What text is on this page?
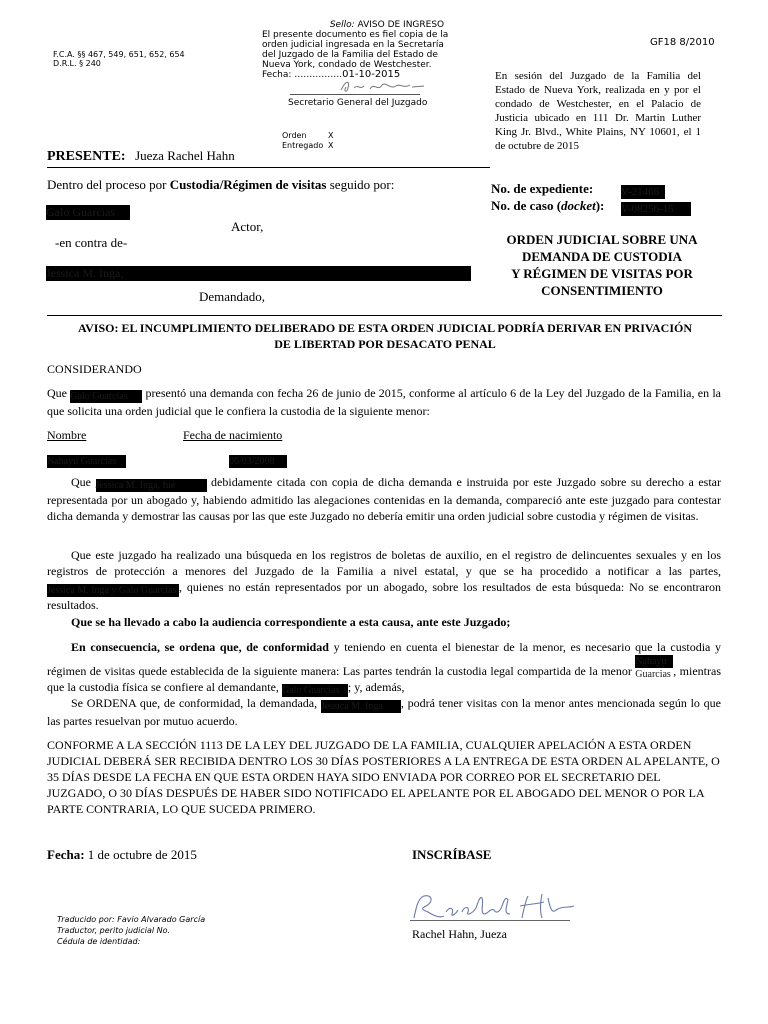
F.C.A. §§ 467, 549, 651, 652, 654
D.R.L. § 240
GF18 8/2010
Sello: AVISO DE INGRESO
El presente documento es fiel copia de la
orden judicial ingresada en la Secretaría
del Juzgado de la Familia del Estado de
Nueva York, condado de Westchester.
Fecha: …………….01-10-2015
Secretario General del Juzgado
Orden	X
Entregado X
En sesión del Juzgado de la Familia del Estado de Nueva York, realizada en y por el condado de Westchester, en el Palacio de Justicia ubicado en 111 Dr. Martin Luther King Jr. Blvd., White Plains, NY 10601, el 1 de octubre de 2015
PRESENTE: Jueza Rachel Hahn
Dentro del proceso por Custodia/Régimen de visitas seguido por:
Galo Guarcias
Actor,
-en contra de-
Jessica M. Inga,
Demandado,
No. de expediente:	V-21466
No. de caso (docket): V-08256-15
ORDEN JUDICIAL SOBRE UNA
DEMANDA DE CUSTODIA
Y RÉGIMEN DE VISITAS POR
CONSENTIMIENTO
AVISO: EL INCUMPLIMIENTO DELIBERADO DE ESTA ORDEN JUDICIAL PODRÍA DERIVAR EN PRIVACIÓN
DE LIBERTAD POR DESACATO PENAL
CONSIDERANDO
Que Galo Guarcias presentó una demanda con fecha 26 de junio de 2015, conforme al artículo 6 de la Ley del Juzgado de la Familia, en la que solicita una orden judicial que le confiera la custodia de la siguiente menor:
Nombre	Fecha de nacimiento
Nahayu Guarcias	06/03/2008
Que Jessica M. Inga, fue	debidamente citada con copia de dicha demanda e instruida por este Juzgado sobre su derecho a estar representada por un abogado y, habiendo admitido las alegaciones contenidas en la demanda, compareció ante este juzgado para contestar dicha demanda y demostrar las causas por las que este Juzgado no debería emitir una orden judicial sobre custodia y régimen de visitas.
Que este juzgado ha realizado una búsqueda en los registros de boletas de auxilio, en el registro de delincuentes sexuales y en los registros de protección a menores del Juzgado de la Familia a nivel estatal, y que se ha procedido a notificar a las partes, Jessica M. Inga y Galo Guarcias , quienes no están representados por un abogado, sobre los resultados de esta búsqueda: No se encontraron resultados.
Que se ha llevado a cabo la audiencia correspondiente a esta causa, ante este Juzgado;
En consecuencia, se ordena que, de conformidad y teniendo en cuenta el bienestar de la menor, es necesario que la custodia y régimen de visitas quede establecida de la siguiente manera: Las partes tendrán la custodia legal compartida de la menor Nahayu Guarcias , mientras que la custodia física se confiere al demandante, Galo Guarcias ; y, además,
Se ORDENA que, de conformidad, la demandada, Jessica M. Inga , podrá tener visitas con la menor antes mencionada según lo que las partes resuelvan por mutuo acuerdo.
CONFORME A LA SECCIÓN 1113 DE LA LEY DEL JUZGADO DE LA FAMILIA, CUALQUIER APELACIÓN A ESTA ORDEN JUDICIAL DEBERÁ SER RECIBIDA DENTRO LOS 30 DÍAS POSTERIORES A LA ENTREGA DE ESTA ORDEN AL APELANTE, O 35 DÍAS DESDE LA FECHA EN QUE ESTA ORDEN HAYA SIDO ENVIADA POR CORREO POR EL SECRETARIO DEL JUZGADO, O 30 DÍAS DESPUÉS DE HABER SIDO NOTIFICADO EL APELANTE POR EL ABOGADO DEL MENOR O POR LA PARTE CONTRARIA, LO QUE SUCEDA PRIMERO.
Fecha: 1 de octubre de 2015	INSCRÍBASE
Rachel Hahn, Jueza
Traducido por: Favio Alvarado García
Traductor, perito judicial No.
Cédula de identidad:
